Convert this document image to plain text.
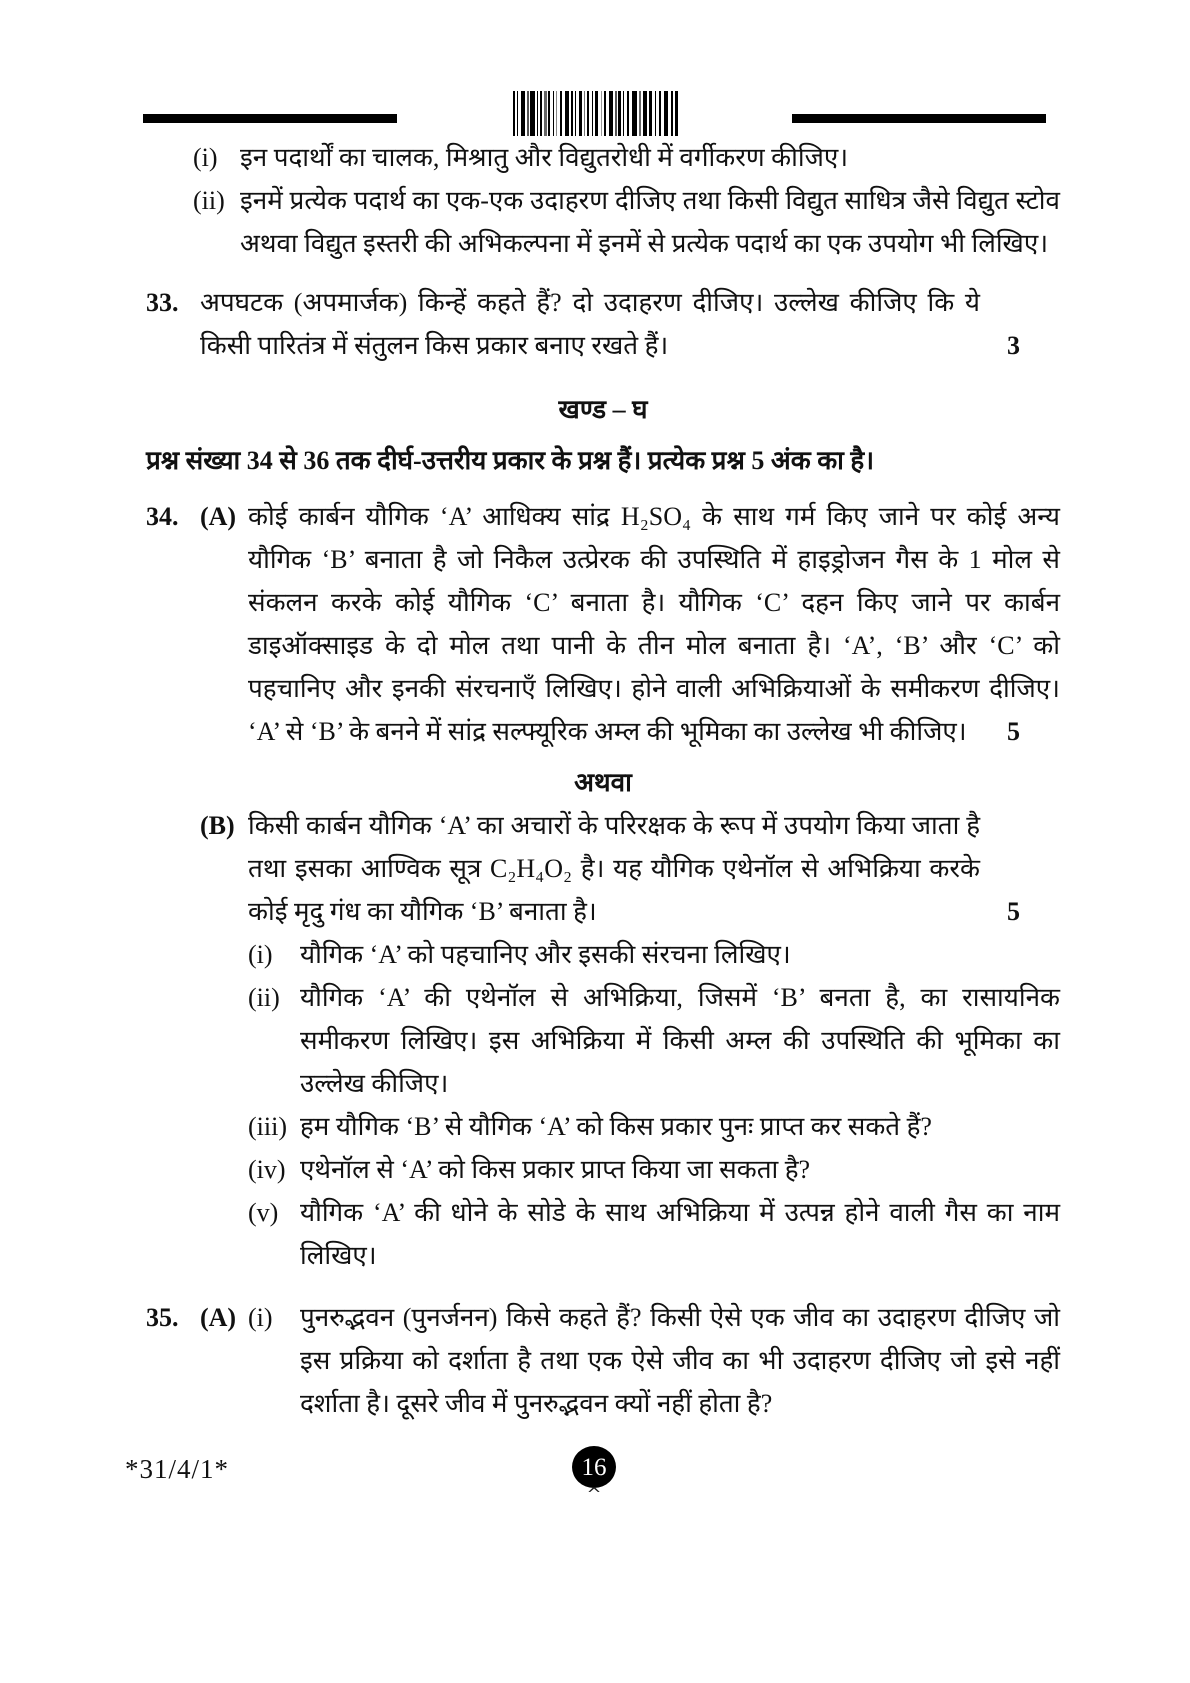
(i) इन पदार्थों का चालक, मिश्रातु और विद्युतरोधी में वर्गीकरण कीजिए।
(ii) इनमें प्रत्येक पदार्थ का एक-एक उदाहरण दीजिए तथा किसी विद्युत साधित्र जैसे विद्युत स्टोव अथवा विद्युत इस्तरी की अभिकल्पना में इनमें से प्रत्येक पदार्थ का एक उपयोग भी लिखिए।
33. अपघटक (अपमार्जक) किन्हें कहते हैं? दो उदाहरण दीजिए। उल्लेख कीजिए कि ये किसी पारितंत्र में संतुलन किस प्रकार बनाए रखते हैं।	3
खण्ड – घ
प्रश्न संख्या 34 से 36 तक दीर्घ-उत्तरीय प्रकार के प्रश्न हैं। प्रत्येक प्रश्न 5 अंक का है।
34. (A) कोई कार्बन यौगिक ‘A’ आधिक्य सांद्र H₂SO₄ के साथ गर्म किए जाने पर कोई अन्य यौगिक ‘B’ बनाता है जो निकैल उत्प्रेरक की उपस्थिति में हाइड्रोजन गैस के 1 मोल से संकलन करके कोई यौगिक ‘C’ बनाता है। यौगिक ‘C’ दहन किए जाने पर कार्बन डाइऑक्साइड के दो मोल तथा पानी के तीन मोल बनाता है। ‘A’, ‘B’ और ‘C’ को पहचानिए और इनकी संरचनाएँ लिखिए। होने वाली अभिक्रियाओं के समीकरण दीजिए। ‘A’ से ‘B’ के बनने में सांद्र सल्फ्यूरिक अम्ल की भूमिका का उल्लेख भी कीजिए।	5
अथवा
(B) किसी कार्बन यौगिक ‘A’ का अचारों के परिरक्षक के रूप में उपयोग किया जाता है तथा इसका आण्विक सूत्र C₂H₄O₂ है। यह यौगिक एथेनॉल से अभिक्रिया करके कोई मृदु गंध का यौगिक ‘B’ बनाता है।	5
(i)	यौगिक ‘A’ को पहचानिए और इसकी संरचना लिखिए।
(ii) यौगिक ‘A’ की एथेनॉल से अभिक्रिया, जिसमें ‘B’ बनता है, का रासायनिक समीकरण लिखिए। इस अभिक्रिया में किसी अम्ल की उपस्थिति की भूमिका का उल्लेख कीजिए।
(iii) हम यौगिक ‘B’ से यौगिक ‘A’ को किस प्रकार पुनः प्राप्त कर सकते हैं?
(iv) एथेनॉल से ‘A’ को किस प्रकार प्राप्त किया जा सकता है?
(v) यौगिक ‘A’ की धोने के सोडे के साथ अभिक्रिया में उत्पन्न होने वाली गैस का नाम लिखिए।
35. (A) (i)	पुनरुद्भवन (पुनर्जनन) किसे कहते हैं? किसी ऐसे एक जीव का उदाहरण दीजिए जो इस प्रक्रिया को दर्शाता है तथा एक ऐसे जीव का भी उदाहरण दीजिए जो इसे नहीं दर्शाता है। दूसरे जीव में पुनरुद्भवन क्यों नहीं होता है?
*31/4/1*	16
^
